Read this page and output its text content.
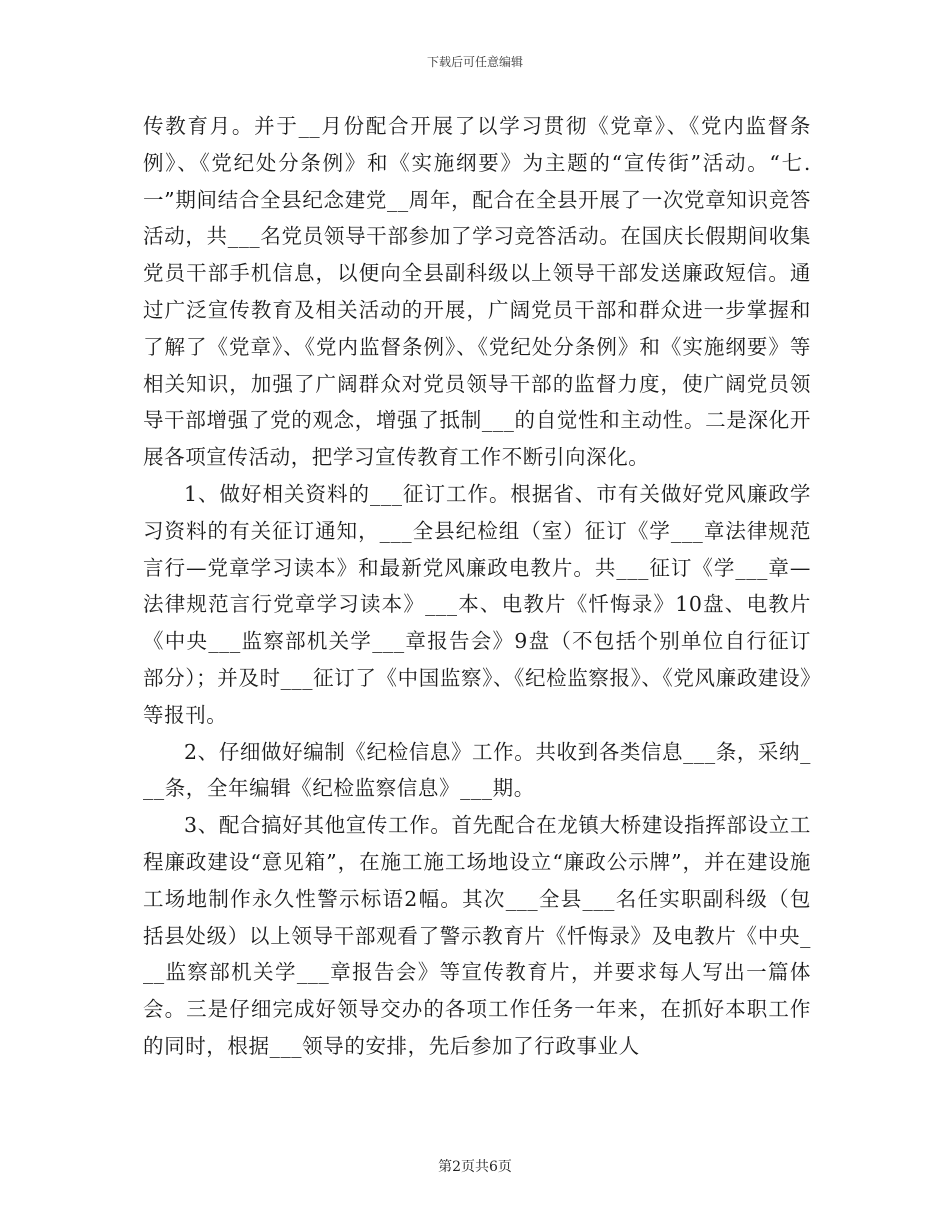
下载后可任意编辑

传教育月。并于__月份配合开展了以学习贯彻《党章》、《党内监督条例》、《党纪处分条例》和《实施纲要》为主题的“宣传街”活动。“七.一”期间结合全县纪念建党__周年，配合在全县开展了一次党章知识竞答活动，共___名党员领导干部参加了学习竞答活动。在国庆长假期间收集党员干部手机信息，以便向全县副科级以上领导干部发送廉政短信。通过广泛宣传教育及相关活动的开展，广阔党员干部和群众进一步掌握和了解了《党章》、《党内监督条例》、《党纪处分条例》和《实施纲要》等相关知识，加强了广阔群众对党员领导干部的监督力度，使广阔党员领导干部增强了党的观念，增强了抵制___的自觉性和主动性。二是深化开展各项宣传活动，把学习宣传教育工作不断引向深化。

1、做好相关资料的___征订工作。根据省、市有关做好党风廉政学习资料的有关征订通知，___全县纪检组（室）征订《学___章法律规范言行—党章学习读本》和最新党风廉政电教片。共___征订《学___章—法律规范言行党章学习读本》___本、电教片《忏悔录》10盘、电教片《中央___监察部机关学___章报告会》9盘（不包括个别单位自行征订部分）；并及时___征订了《中国监察》、《纪检监察报》、《党风廉政建设》等报刊。

2、仔细做好编制《纪检信息》工作。共收到各类信息___条，采纳___条，全年编辑《纪检监察信息》___期。

3、配合搞好其他宣传工作。首先配合在龙镇大桥建设指挥部设立工程廉政建设“意见箱”，在施工施工场地设立“廉政公示牌”，并在建设施工场地制作永久性警示标语2幅。其次___全县___名任实职副科级（包括县处级）以上领导干部观看了警示教育片《忏悔录》及电教片《中央___监察部机关学___章报告会》等宣传教育片，并要求每人写出一篇体会。三是仔细完成好领导交办的各项工作任务一年来，在抓好本职工作的同时，根据___领导的安排，先后参加了行政事业人

第2页共6页
